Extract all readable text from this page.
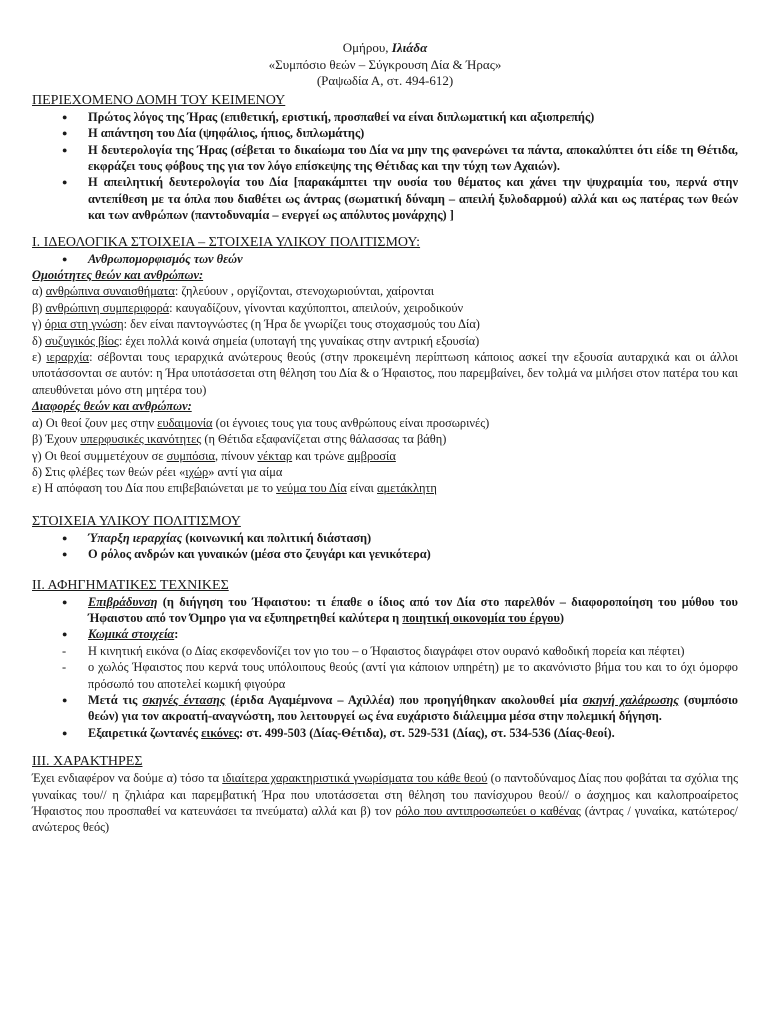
Ομήρου, Ιλιάδα
«Συμπόσιο θεών – Σύγκρουση Δία & Ήρας»
(Ραψωδία Α, στ. 494-612)
ΠΕΡΙΕΧΟΜΕΝΟ ΔΟΜΗ ΤΟΥ ΚΕΙΜΕΝΟΥ
● Πρώτος λόγος της Ήρας (επιθετική, εριστική, προσπαθεί να είναι διπλωματική και αξιοπρεπής)
● Η απάντηση του Δία (ψηφάλιος, ήπιος, διπλωμάτης)
● Η δευτερολογία της Ήρας (σέβεται το δικαίωμα του Δία να μην της φανερώνει τα πάντα, αποκαλύπτει ότι είδε τη Θέτιδα, εκφράζει τους φόβους της για τον λόγο επίσκεψης της Θέτιδας και την τύχη των Αχαιών).
● Η απειλητική δευτερολογία του Δία [παρακάμπτει την ουσία του θέματος και χάνει την ψυχραιμία του, περνά στην αντεπίθεση με τα όπλα που διαθέτει ως άντρας (σωματική δύναμη – απειλή ξυλοδαρμού) αλλά και ως πατέρας των θεών και των ανθρώπων (παντοδυναμία – ενεργεί ως απόλυτος μονάρχης) ]
Ι. ΙΔΕΟΛΟΓΙΚΑ ΣΤΟΙΧΕΙΑ – ΣΤΟΙΧΕΙΑ ΥΛΙΚΟΥ ΠΟΛΙΤΙΣΜΟΥ:
● Ανθρωπομορφισμός των θεών

Ομοιότητες θεών και ανθρώπων:

α) ανθρώπινα συναισθήματα: ζηλεύουν , οργίζονται, στενοχωριούνται, χαίρονται

β) ανθρώπινη συμπεριφορά: καυγαδίζουν, γίνονται καχύποπτοι, απειλούν, χειροδικούν

γ) όρια στη γνώση: δεν είναι παντογνώστες (η Ήρα δε γνωρίζει τους στοχασμούς του Δία)

δ) συζυγικός βίος: έχει πολλά κοινά σημεία (υποταγή της γυναίκας στην αντρική εξουσία)

ε) ιεραρχία: σέβονται τους ιεραρχικά ανώτερους θεούς (στην προκειμένη περίπτωση κάποιος ασκεί την εξουσία αυταρχικά και οι άλλοι υποτάσσονται σε αυτόν: η Ήρα υποτάσσεται στη θέληση του Δία & ο Ήφαιστος, που παρεμβαίνει, δεν τολμά να μιλήσει στον πατέρα του και απευθύνεται μόνο στη μητέρα του)

Διαφορές θεών και ανθρώπων:

α) Οι θεοί ζουν μες στην ευδαιμονία (οι έγνοιες τους για τους ανθρώπους είναι προσωρινές)

β) Έχουν υπερφυσικές ικανότητες (η Θέτιδα εξαφανίζεται στης θάλασσας τα βάθη)

γ) Οι θεοί συμμετέχουν σε συμπόσια, πίνουν νέκταρ και τρώνε αμβροσία

δ) Στις φλέβες των θεών ρέει «ιχώρ» αντί για αίμα

ε) Η απόφαση του Δία που επιβεβαιώνεται με το νεύμα του Δία είναι αμετάκλητη

ΣΤΟΙΧΕΙΑ ΥΛΙΚΟΥ ΠΟΛΙΤΙΣΜΟΥ
● Ύπαρξη ιεραρχίας (κοινωνική και πολιτική διάσταση)
● Ο ρόλος ανδρών και γυναικών (μέσα στο ζευγάρι και γενικότερα)
ΙΙ. ΑΦΗΓΗΜΑΤΙΚΕΣ ΤΕΧΝΙΚΕΣ
● Επιβράδυνση (η διήγηση του Ήφαιστου: τι έπαθε ο ίδιος από τον Δία στο παρελθόν – διαφοροποίηση του μύθου του Ήφαιστου από τον Όμηρο για να εξυπηρετηθεί καλύτερα η ποιητική οικονομία του έργου)
● Κωμικά στοιχεία:
- Η κινητική εικόνα (ο Δίας εκσφενδονίζει τον γιο του – ο Ήφαιστος διαγράφει στον ουρανό καθοδική πορεία και πέφτει)
- ο χωλός Ήφαιστος που κερνά τους υπόλοιπους θεούς (αντί για κάποιον υπηρέτη) με το ακανόνιστο βήμα του και το όχι όμορφο πρόσωπό του αποτελεί κωμική φιγούρα
● Μετά τις σκηνές έντασης (έριδα Αγαμέμνονα – Αχιλλέα) που προηγήθηκαν ακολουθεί μία σκηνή χαλάρωσης (συμπόσιο θεών) για τον ακροατή-αναγνώστη, που λειτουργεί ως ένα ευχάριστο διάλειμμα μέσα στην πολεμική δήγηση.
● Εξαιρετικά ζωντανές εικόνες: στ. 499-503 (Δίας-Θέτιδα), στ. 529-531 (Δίας), στ. 534-536 (Δίας-θεοί).
ΙΙΙ. ΧΑΡΑΚΤΗΡΕΣ

Έχει ενδιαφέρον να δούμε α) τόσο τα ιδιαίτερα χαρακτηριστικά γνωρίσματα του κάθε θεού (ο παντοδύναμος Δίας που φοβάται τα σχόλια της γυναίκας του// η ζηλιάρα και παρεμβατική Ήρα που υποτάσσεται στη θέληση του πανίσχυρου θεού// ο άσχημος και καλοπροαίρετος Ήφαιστος που προσπαθεί να κατευνάσει τα πνεύματα) αλλά και β) τον ρόλο που αντιπροσωπεύει ο καθένας (άντρας / γυναίκα, κατώτερος/ ανώτερος θεός)
